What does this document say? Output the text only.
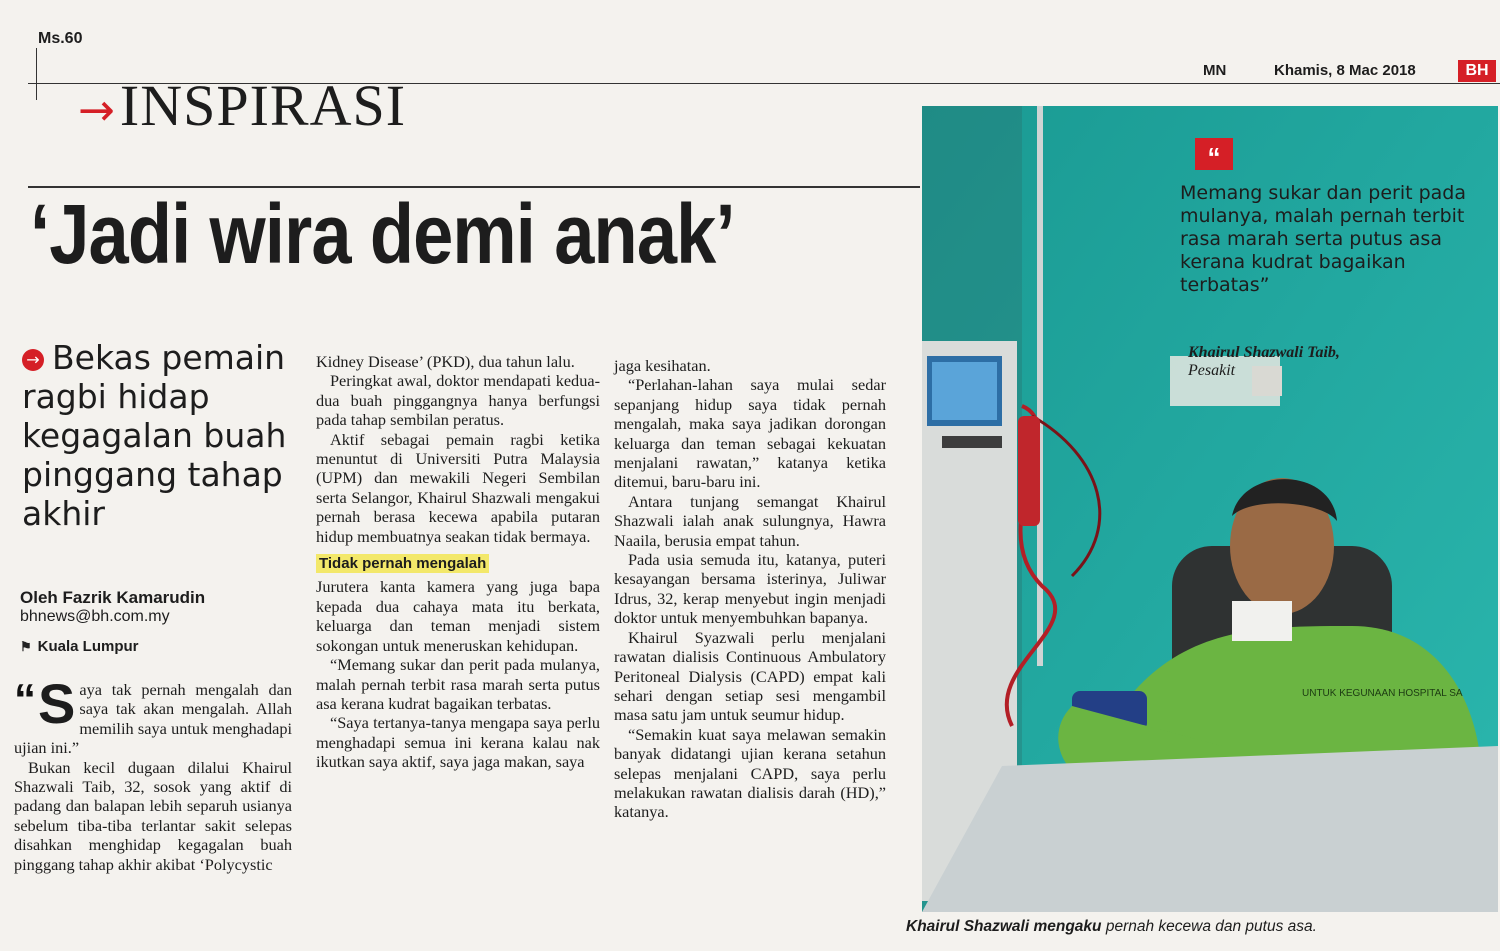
Ms.60
MN	Khamis, 8 Mac 2018	BH
→INSPIRASI
‘Jadi wira demi anak’
→ Bekas pemain ragbi hidap kegagalan buah pinggang tahap akhir
Oleh Fazrik Kamarudin
bhnews@bh.com.my
⚑ Kuala Lumpur
“ S aya tak pernah mengalah dan saya tak akan mengalah. Allah memilih saya untuk menghadapi ujian ini.”

Bukan kecil dugaan dilalui Khairul Shazwali Taib, 32, sosok yang aktif di padang dan balapan lebih separuh usianya sebelum tiba-tiba terlantar sakit selepas disahkan menghidap kegagalan buah pinggang tahap akhir akibat ‘Polycystic

Kidney Disease’ (PKD), dua tahun lalu.

Peringkat awal, doktor mendapati kedua-dua buah pinggangnya hanya berfungsi pada tahap sembilan peratus.

Aktif sebagai pemain ragbi ketika menuntut di Universiti Putra Malaysia (UPM) dan mewakili Negeri Sembilan serta Selangor, Khairul Shazwali mengakui pernah berasa kecewa apabila putaran hidup membuatnya seakan tidak bermaya.

Tidak pernah mengalah

Jurutera kanta kamera yang juga bapa kepada dua cahaya mata itu berkata, keluarga dan teman menjadi sistem sokongan untuk meneruskan kehidupan.

“Memang sukar dan perit pada mulanya, malah pernah terbit rasa marah serta putus asa kerana kudrat bagaikan terbatas.

“Saya tertanya-tanya mengapa saya perlu menghadapi semua ini kerana kalau nak ikutkan saya aktif, saya jaga makan, saya

jaga kesihatan.

“Perlahan-lahan saya mulai sedar sepanjang hidup saya tidak pernah mengalah, maka saya jadikan dorongan keluarga dan teman sebagai kekuatan menjalani rawatan,” katanya ketika ditemui, baru-baru ini.

Antara tunjang semangat Khairul Shazwali ialah anak sulungnya, Hawra Naaila, berusia empat tahun.

Pada usia semuda itu, katanya, puteri kesayangan bersama isterinya, Juliwar Idrus, 32, kerap menyebut ingin menjadi doktor untuk menyembuhkan bapanya.

Khairul Syazwali perlu menjalani rawatan dialisis Continuous Ambulatory Peritoneal Dialysis (CAPD) empat kali sehari dengan setiap sesi mengambil masa satu jam untuk seumur hidup.

“Semakin kuat saya melawan semakin banyak didatangi ujian kerana setahun selepas menjalani CAPD, saya perlu melakukan rawatan dialisis darah (HD),” katanya.

UNTUK KEGUNAAN HOSPITAL SA
“
Memang sukar dan perit pada mulanya, malah pernah terbit rasa marah serta putus asa kerana kudrat bagaikan terbatas”
Khairul Shazwali Taib,
Pesakit
Khairul Shazwali mengaku pernah kecewa dan putus asa.
